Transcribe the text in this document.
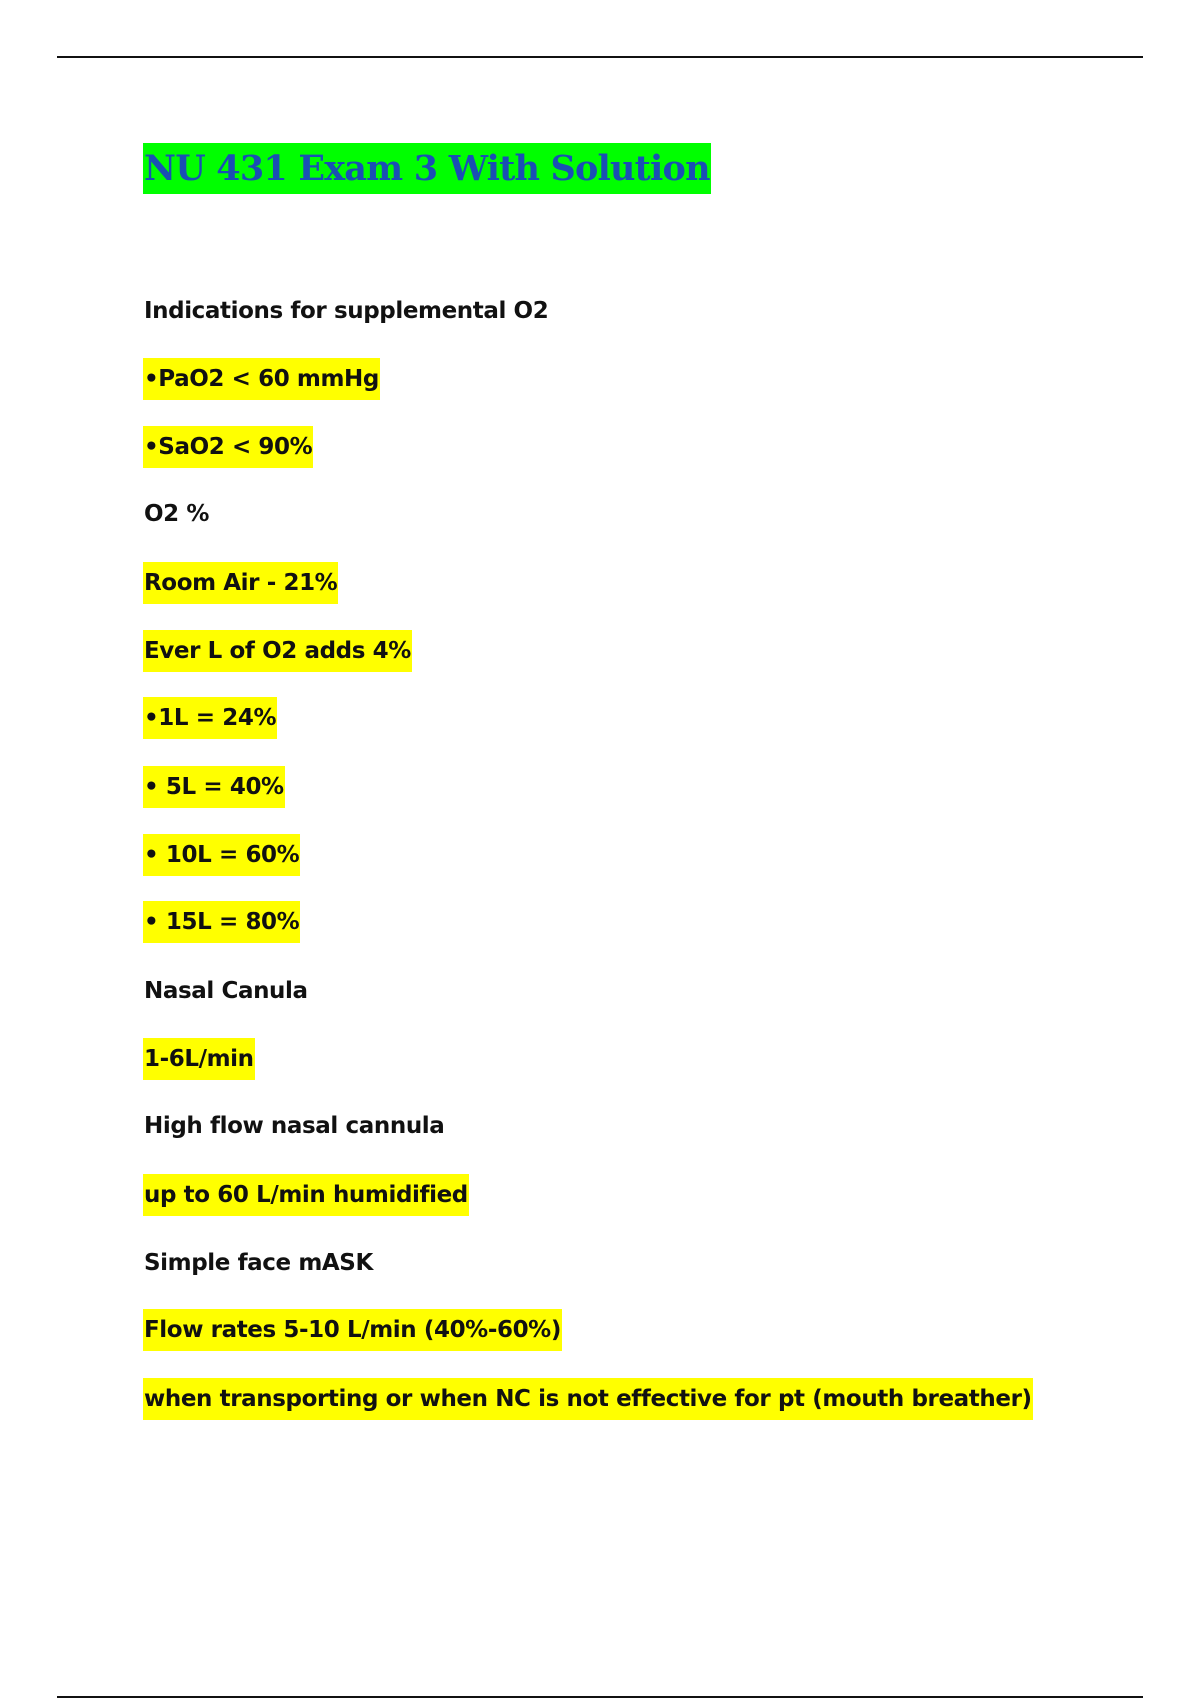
NU 431 Exam 3 With Solution
Indications for supplemental O2
•PaO2 < 60 mmHg
•SaO2 < 90%
O2 %
Room Air - 21%
Ever L of O2 adds 4%
•1L = 24%
• 5L = 40%
• 10L = 60%
• 15L = 80%
Nasal Canula
1-6L/min
High flow nasal cannula
up to 60 L/min humidified
Simple face mASK
Flow rates 5-10 L/min (40%-60%)
when transporting or when NC is not effective for pt (mouth breather)
